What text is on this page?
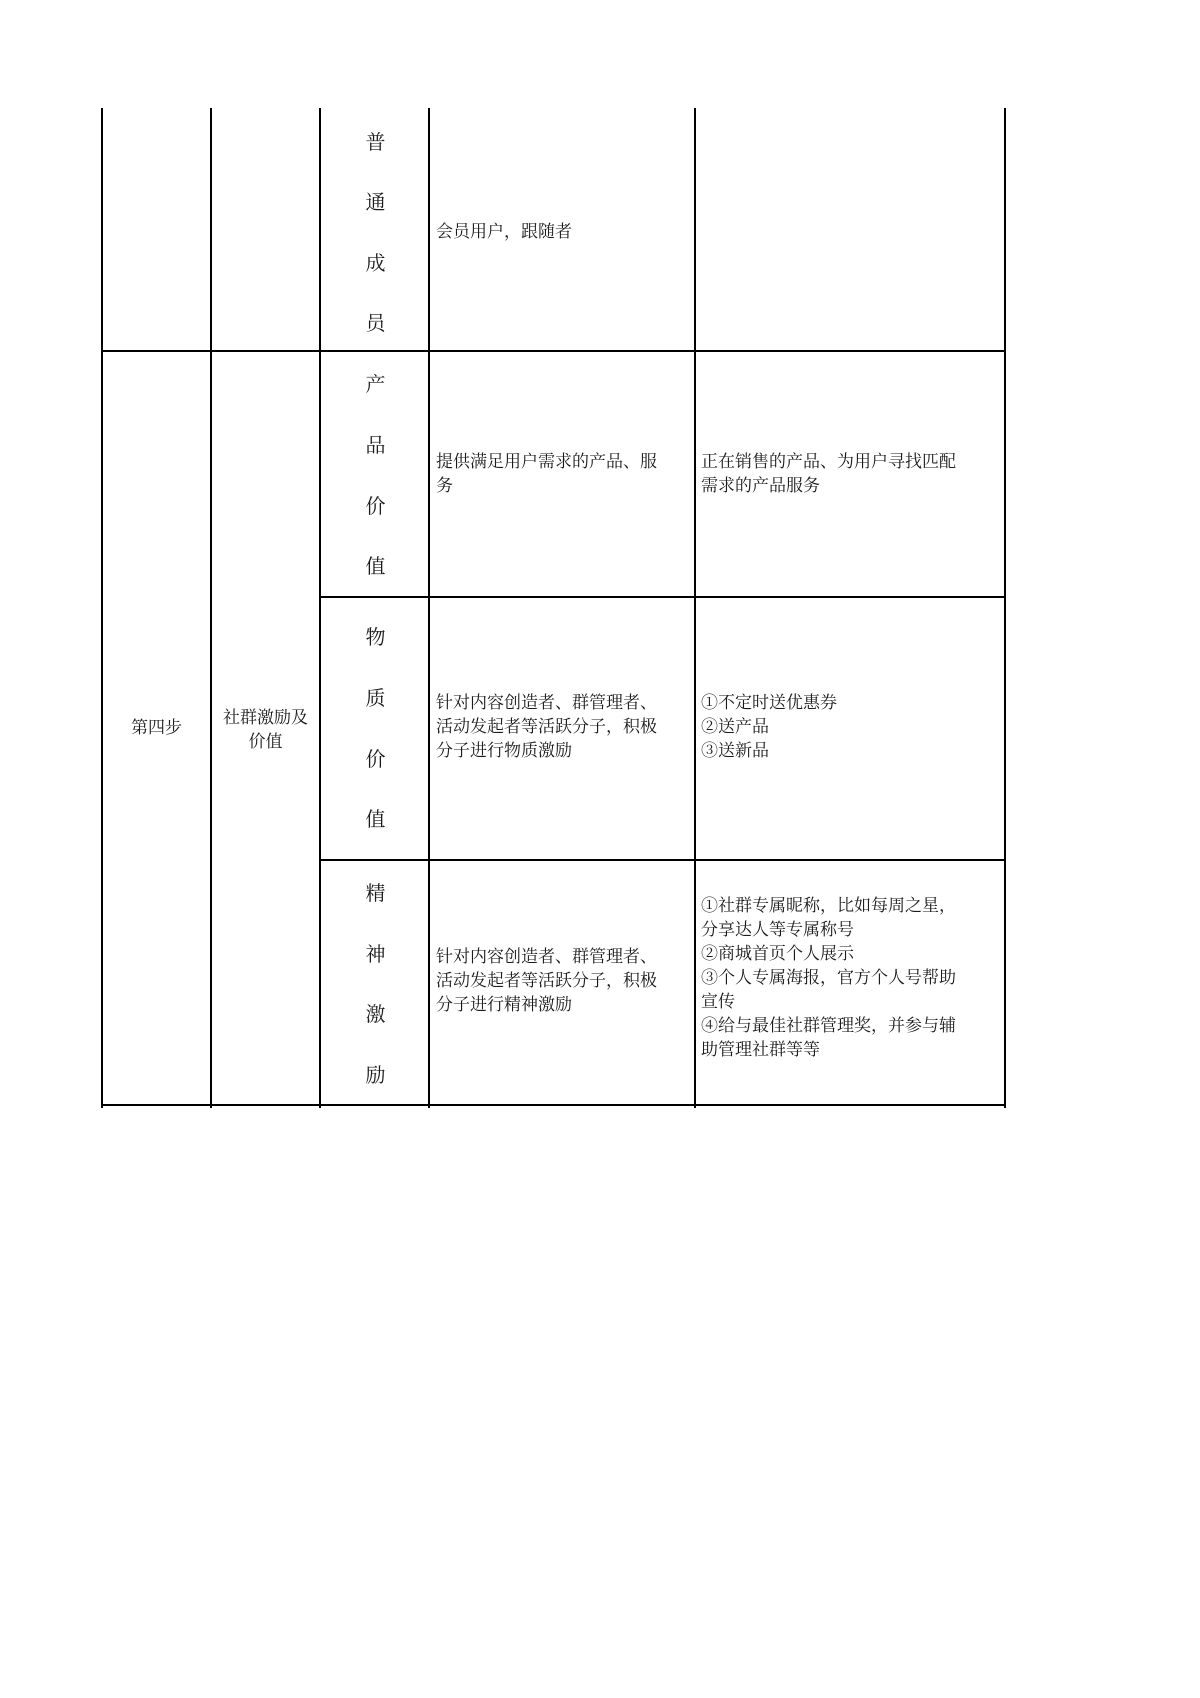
普
通
成
员
会员用户，跟随者
第四步	社群激励及
价值
产
品
价
值
提供满足用户需求的产品、服
务
正在销售的产品、为用户寻找匹配
需求的产品服务
物
质
价
值
针对内容创造者、群管理者、
活动发起者等活跃分子，积极
分子进行物质激励
①不定时送优惠券
②送产品
③送新品
精
神
激
励
针对内容创造者、群管理者、
活动发起者等活跃分子，积极
分子进行精神激励
①社群专属昵称，比如每周之星，
分享达人等专属称号
②商城首页个人展示
③个人专属海报，官方个人号帮助
宣传
④给与最佳社群管理奖，并参与辅
助管理社群等等
